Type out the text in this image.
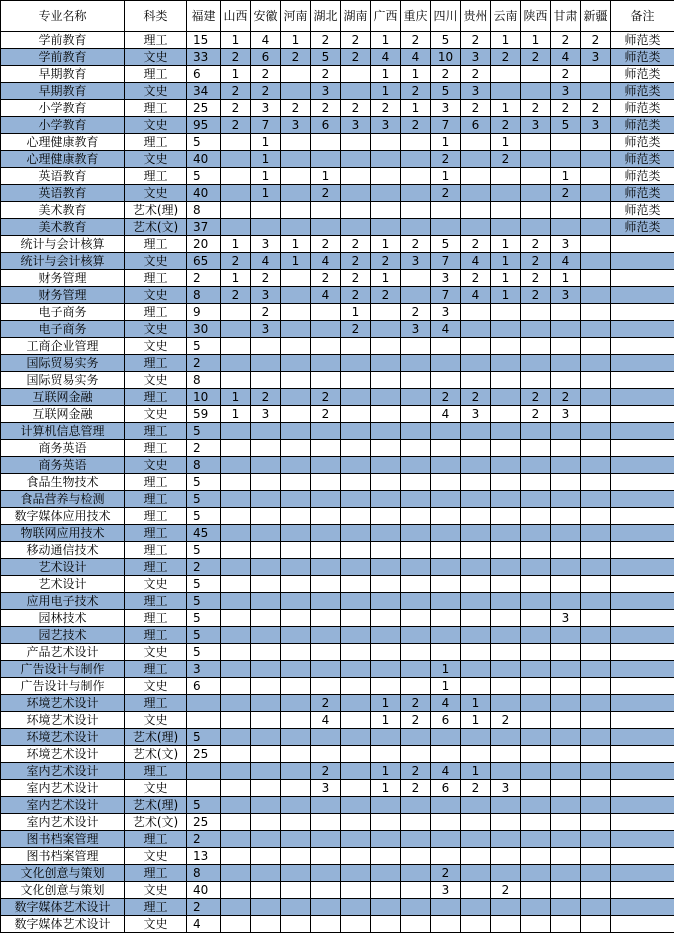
专业名称	科类	福建	山西	安徽	河南	湖北	湖南	广西	重庆	四川	贵州	云南	陕西	甘肃	新疆	备注
学前教育	理工	15	1	4	1	2	2	1	2	5	2	1	1	2	2	师范类
学前教育	文史	33	2	6	2	5	2	4	4	10	3	2	2	4	3	师范类
早期教育	理工	6	1	2		2		1	1	2	2			2		师范类
早期教育	文史	34	2	2		3		1	2	5	3			3		师范类
小学教育	理工	25	2	3	2	2	2	2	1	3	2	1	2	2	2	师范类
小学教育	文史	95	2	7	3	6	3	3	2	7	6	2	3	5	3	师范类
心理健康教育	理工	5		1						1		1				师范类
心理健康教育	文史	40		1						2		2				师范类
英语教育	理工	5		1		1				1				1		师范类
英语教育	文史	40		1		2				2				2		师范类
美术教育	艺术(理)	8														师范类
美术教育	艺术(文)	37														师范类
统计与会计核算	理工	20	1	3	1	2	2	1	2	5	2	1	2	3		
统计与会计核算	文史	65	2	4	1	4	2	2	3	7	4	1	2	4		
财务管理	理工	2	1	2		2	2	1		3	2	1	2	1		
财务管理	文史	8	2	3		4	2	2		7	4	1	2	3		
电子商务	理工	9		2			1		2	3						
电子商务	文史	30		3			2		3	4						
工商企业管理	文史	5														
国际贸易实务	理工	2														
国际贸易实务	文史	8														
互联网金融	理工	10	1	2		2				2	2		2	2		
互联网金融	文史	59	1	3		2				4	3		2	3		
计算机信息管理	理工	5														
商务英语	理工	2														
商务英语	文史	8														
食品生物技术	理工	5														
食品营养与检测	理工	5														
数字媒体应用技术	理工	5														
物联网应用技术	理工	45														
移动通信技术	理工	5														
艺术设计	理工	2														
艺术设计	文史	5														
应用电子技术	理工	5														
园林技术	理工	5												3		
园艺技术	理工	5														
产品艺术设计	文史	5														
广告设计与制作	理工	3								1						
广告设计与制作	文史	6								1						
环境艺术设计	理工					2		1	2	4	1					
环境艺术设计	文史					4		1	2	6	1	2				
环境艺术设计	艺术(理)	5														
环境艺术设计	艺术(文)	25														
室内艺术设计	理工					2		1	2	4	1					
室内艺术设计	文史					3		1	2	6	2	3				
室内艺术设计	艺术(理)	5														
室内艺术设计	艺术(文)	25														
图书档案管理	理工	2														
图书档案管理	文史	13														
文化创意与策划	理工	8								2						
文化创意与策划	文史	40								3		2				
数字媒体艺术设计	理工	2														
数字媒体艺术设计	文史	4														
